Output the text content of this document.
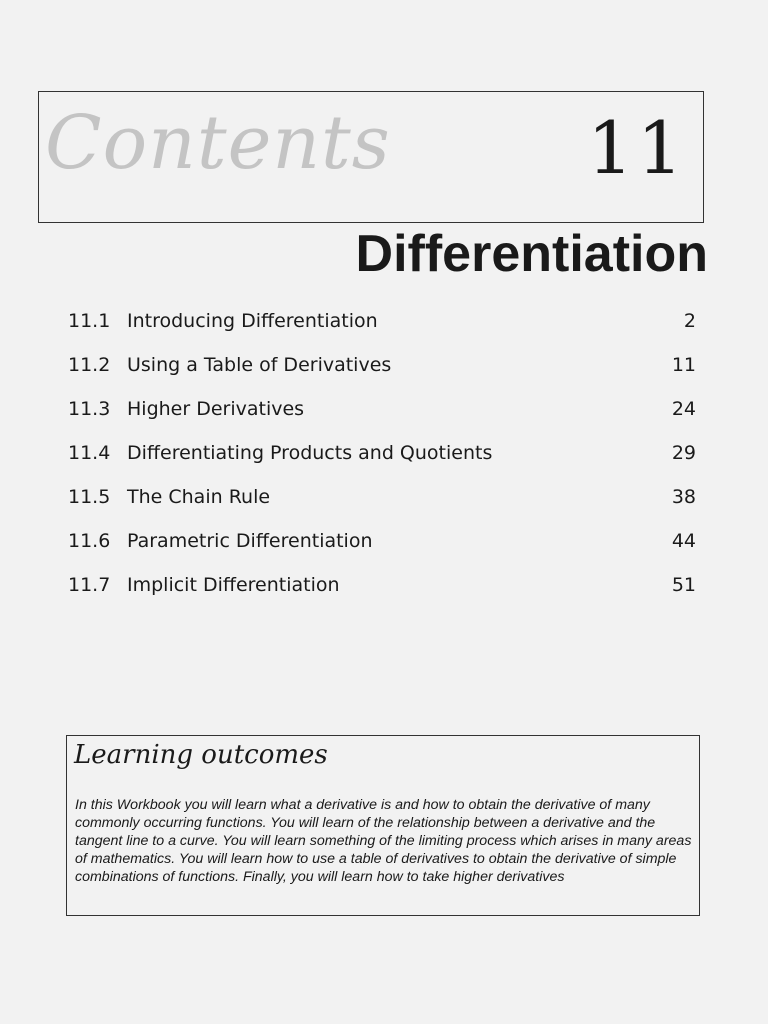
Contents	11
Differentiation
11.1 Introducing Differentiation	2
11.2 Using a Table of Derivatives	11
11.3 Higher Derivatives	24
11.4 Differentiating Products and Quotients	29
11.5 The Chain Rule	38
11.6 Parametric Differentiation	44
11.7 Implicit Differentiation	51
Learning outcomes

In this Workbook you will learn what a derivative is and how to obtain the derivative of many commonly occurring functions. You will learn of the relationship between a derivative and the tangent line to a curve. You will learn something of the limiting process which arises in many areas of mathematics. You will learn how to use a table of derivatives to obtain the derivative of simple combinations of functions. Finally, you will learn how to take higher derivatives
